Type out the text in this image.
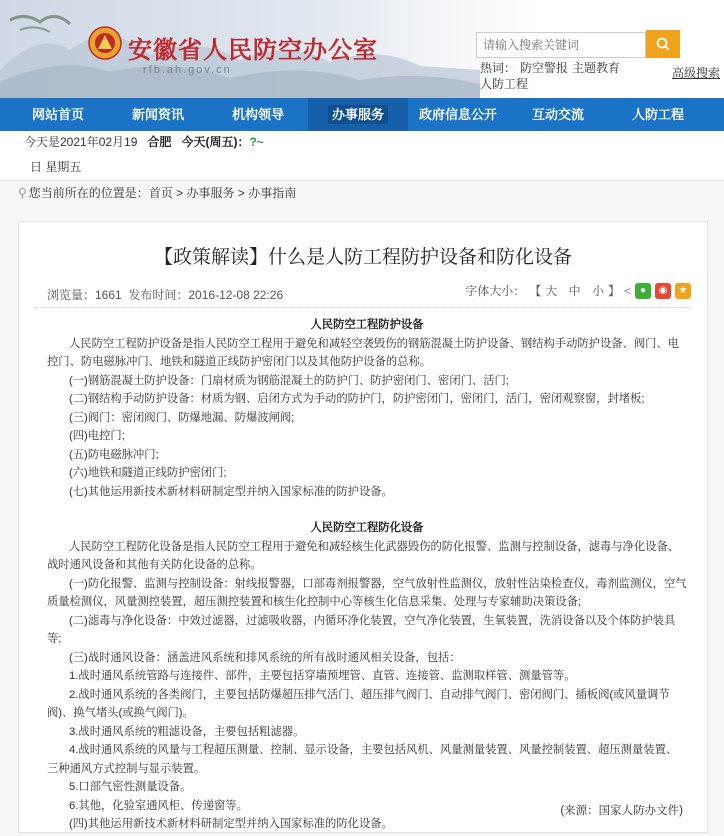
安徽省人民防空办公室
rfb.ah.gov.cn
请输入搜索关键词	热词： 防空警报 主题教育
人防工程
高级搜索
网站首页	新闻资讯	机构领导	办事服务	政府信息公开	互动交流	人防工程
今天是2021年02月19 合肥 今天(周五)：?~
日 星期五
⚲ 您当前所在的位置是：首页 > 办事服务 > 办事指南
【政策解读】什么是人防工程防护设备和防化设备
浏览量：1661 发布时间：2016-12-08 22:26	字体大小： 【 大
中
小 】 < ●	◉	★

人民防空工程防护设备

人民防空工程防护设备是指人民防空工程用于避免和减轻空袭毁伤的钢筋混凝土防护设备、钢结构手动防护设备、阀门、电控门、防电磁脉冲门、地铁和隧道正线防护密闭门以及其他防护设备的总称。

(一)钢筋混凝土防护设备：门扇材质为钢筋混凝土的防护门、防护密闭门、密闭门、活门;

(二)钢结构手动防护设备：材质为钢、启闭方式为手动的防护门，防护密闭门，密闭门，活门，密闭观察窗，封堵板;

(三)阀门：密闭阀门、防爆地漏、防爆波闸阀;

(四)电控门;

(五)防电磁脉冲门;

(六)地铁和隧道正线防护密闭门;

(七)其他运用新技术新材料研制定型并纳入国家标准的防护设备。

人民防空工程防化设备

人民防空工程防化设备是指人民防空工程用于避免和减轻核生化武器毁伤的防化报警、监测与控制设备，滤毒与净化设备、战时通风设备和其他有关防化设备的总称。

(一)防化报警、监测与控制设备：射线报警器，口部毒剂报警器，空气放射性监测仪，放射性沾染检查仪，毒剂监测仪，空气质量检测仪，风量测控装置，超压测控装置和核生化控制中心等核生化信息采集、处理与专家辅助决策设备;

(二)滤毒与净化设备：中效过滤器，过滤吸收器，内循环净化装置，空气净化装置，生氧装置，洗消设备以及个体防护装具等;

(三)战时通风设备：涵盖进风系统和排风系统的所有战时通风相关设备，包括：

1.战时通风系统管路与连接件、部件，主要包括穿墙预埋管、直管、连接管、监测取样管、测量管等。

2.战时通风系统的各类阀门，主要包括防爆超压排气活门、超压排气阀门、自动排气阀门、密闭阀门、插板阀(或风量调节阀)、换气堵头(或换气阀门)。

3.战时通风系统的粗滤设备，主要包括粗滤器。

4.战时通风系统的风量与工程超压测量、控制、显示设备，主要包括风机、风量测量装置、风量控制装置、超压测量装置、三种通风方式控制与显示装置。

5.口部气密性测量设备。

6.其他，化验室通风柜、传递窗等。

(四)其他运用新技术新材料研制定型并纳入国家标准的防化设备。

(来源：国家人防办文件)
